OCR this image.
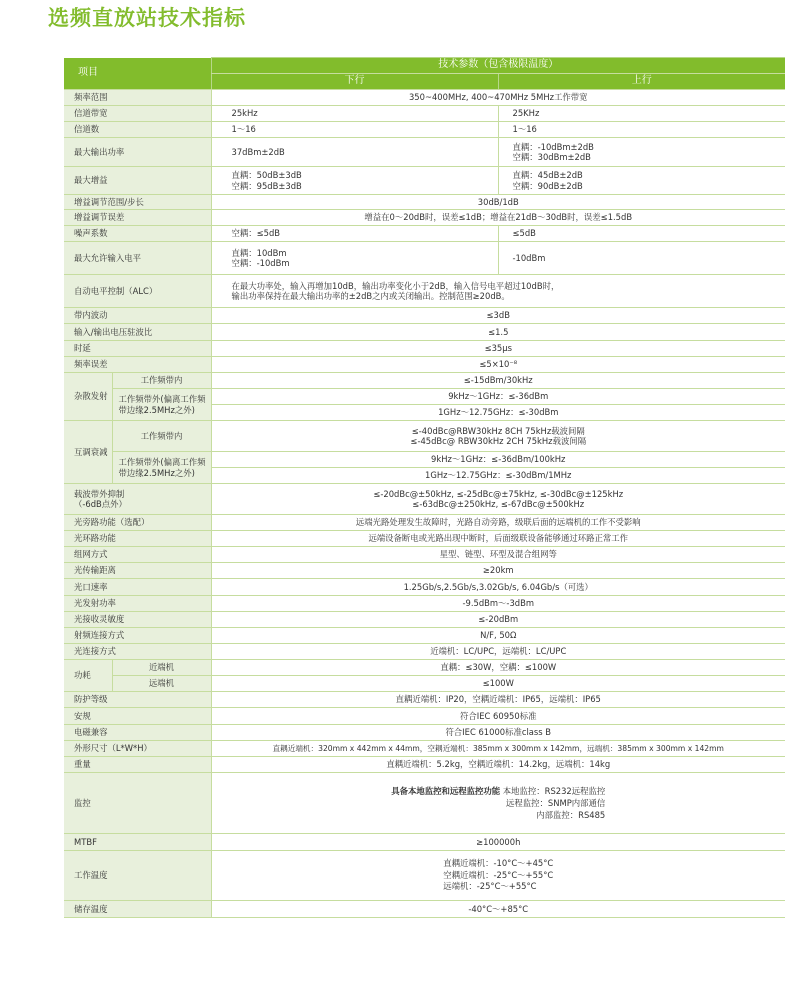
选频直放站技术指标
项目		技术参数（包含极限温度）	
		下行	上行
频率范围		350~400MHz, 400~470MHz 5MHz工作带宽	
信道带宽		25kHz	25KHz
信道数		1～16	1～16
最大输出功率		37dBm±2dB	直耦：-10dBm±2dB
空耦：30dBm±2dB

最大增益		直耦：50dB±3dB
空耦：95dB±3dB	直耦：45dB±2dB
空耦：90dB±2dB

增益调节范围/步长		30dB/1dB	
增益调节误差		增益在0～20dB时，误差≤1dB；增益在21dB～30dB时，误差≤1.5dB	
噪声系数		空耦：≤5dB	≤5dB
最大允许输入电平		直耦：10dBm
空耦：-10dBm	-10dBm
自动电平控制（ALC）		在最大功率处，输入再增加10dB，输出功率变化小于2dB，输入信号电平超过10dB时，
输出功率保持在最大输出功率的±2dB之内或关闭输出。控制范围≥20dB。	

带内波动		≤3dB	
输入/输出电压驻波比		≤1.5	
时延		≤35μs	
频率误差		≤5×10⁻⁸	
杂散发射	工作频带内	≤-15dBm/30kHz	
	工作频带外(偏离工作频带边缘2.5MHz之外)	9kHz～1GHz：≤-36dBm	
		1GHz～12.75GHz：≤-30dBm	
互调衰减	工作频带内	≤-40dBc@RBW30kHz 8CH 75kHz载波间隔
≤-45dBc@ RBW30kHz 2CH 75kHz载波间隔	

	工作频带外(偏离工作频带边缘2.5MHz之外)	9kHz～1GHz：≤-36dBm/100kHz	
		1GHz～12.75GHz：≤-30dBm/1MHz	

载波带外抑制
（-6dB点外）		≤-20dBc@±50kHz, ≤-25dBc@±75kHz, ≤-30dBc@±125kHz
≤-63dBc@±250kHz, ≤-67dBc@±500kHz	

光旁路功能（选配）		远端光路处理发生故障时，光路自动旁路，级联后面的远端机的工作不受影响	
光环路功能		远端设备断电或光路出现中断时，后面级联设备能够通过环路正常工作	
组网方式		星型、链型、环型及混合组网等	
光传输距离		≥20km	
光口速率		1.25Gb/s,2.5Gb/s,3.02Gb/s, 6.04Gb/s（可选）	
光发射功率		-9.5dBm～-3dBm	
光接收灵敏度		≤-20dBm	
射频连接方式		N/F, 50Ω	
光连接方式		近端机：LC/UPC，远端机：LC/UPC	
功耗	近端机	直耦：≤30W，空耦：≤100W	
	远端机	≤100W	
防护等级		直耦近端机：IP20，空耦近端机：IP65，远端机：IP65	
安规		符合IEC 60950标准	
电磁兼容		符合IEC 61000标准class B	
外形尺寸（L*W*H）		直耦近端机：320mm x 442mm x 44mm，空耦近端机：385mm x 300mm x 142mm，远端机：385mm x 300mm x 142mm	
重量		直耦近端机：5.2kg，空耦近端机：14.2kg，远端机：14kg	
监控		具备本地监控和远程监控功能 本地监控：RS232远程监控
远程监控：SNMP内部通信
内部监控：RS485	
MTBF		≥100000h	
工作温度		直耦近端机：-10°C～+45°C
空耦近端机：-25°C～+55°C
远端机：-25°C～+55°C	

储存温度		-40°C～+85°C	
